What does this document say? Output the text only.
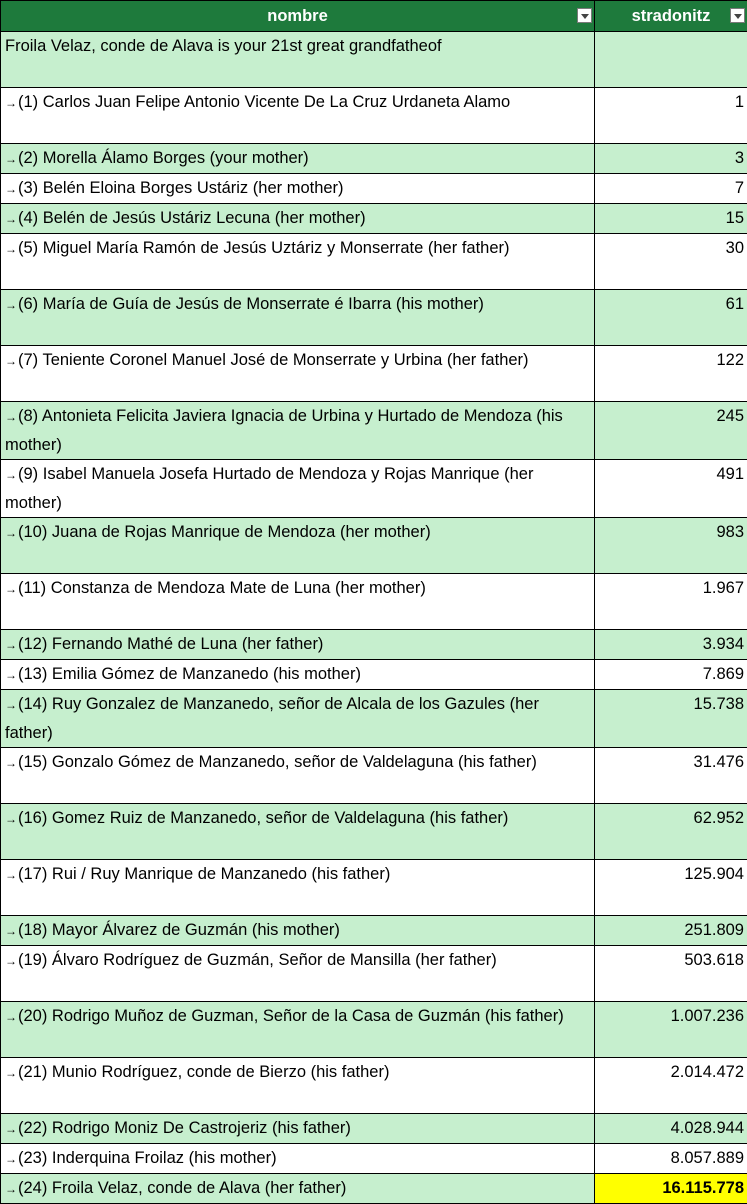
nombre	stradonitz

Froila Velaz, conde de Alava is your 21st great grandfatheof	
→(1) Carlos Juan Felipe Antonio Vicente De La Cruz Urdaneta Alamo	1
→(2) Morella Álamo Borges (your mother)	3
→(3) Belén Eloina Borges Ustáriz (her mother)	7
→(4) Belén de Jesús Ustáriz Lecuna (her mother)	15
→(5) Miguel María Ramón de Jesús Uztáriz y Monserrate (her father)	30
→(6) María de Guía de Jesús de Monserrate é Ibarra (his mother)	61
→(7) Teniente Coronel Manuel José de Monserrate y Urbina (her father)	122
→(8) Antonieta Felicita Javiera Ignacia de Urbina y Hurtado de Mendoza (his mother)	245
→(9) Isabel Manuela Josefa Hurtado de Mendoza y Rojas Manrique (her mother)	491
→(10) Juana de Rojas Manrique de Mendoza (her mother)	983
→(11) Constanza de Mendoza Mate de Luna (her mother)	1.967
→(12) Fernando Mathé de Luna (her father)	3.934
→(13) Emilia Gómez de Manzanedo (his mother)	7.869
→(14) Ruy Gonzalez de Manzanedo, señor de Alcala de los Gazules (her father)	15.738
→(15) Gonzalo Gómez de Manzanedo, señor de Valdelaguna (his father)	31.476
→(16) Gomez Ruiz de Manzanedo, señor de Valdelaguna (his father)	62.952
→(17) Rui / Ruy Manrique de Manzanedo (his father)	125.904
→(18) Mayor Álvarez de Guzmán (his mother)	251.809
→(19) Álvaro Rodríguez de Guzmán, Señor de Mansilla (her father)	503.618
→(20) Rodrigo Muñoz de Guzman, Señor de la Casa de Guzmán (his father)	1.007.236
→(21) Munio Rodríguez, conde de Bierzo (his father)	2.014.472
→(22) Rodrigo Moniz De Castrojeriz (his father)	4.028.944
→(23) Inderquina Froilaz (his mother)	8.057.889
→(24) Froila Velaz, conde de Alava (her father)	16.115.778
